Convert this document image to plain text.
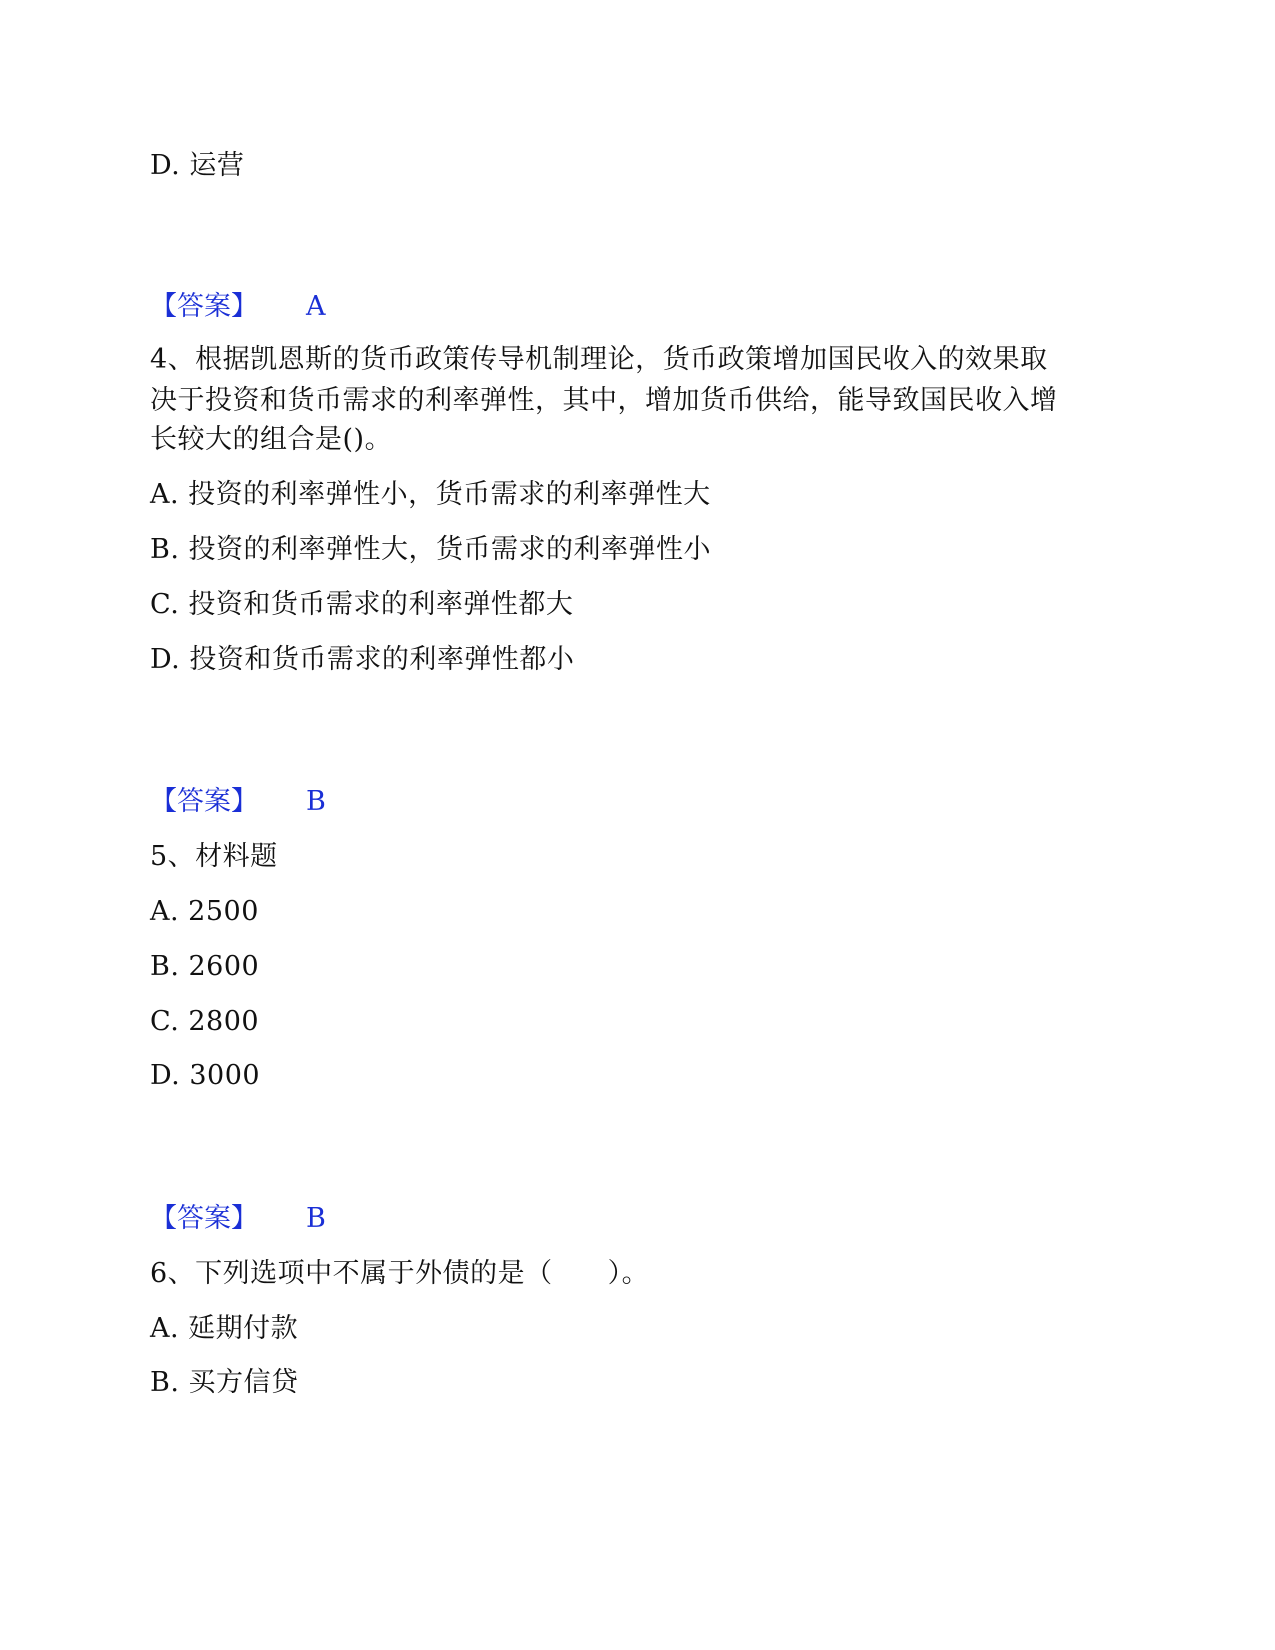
D. 运营
【答案】 A
4、根据凯恩斯的货币政策传导机制理论，货币政策增加国民收入的效果取
决于投资和货币需求的利率弹性，其中，增加货币供给，能导致国民收入增
长较大的组合是()。
A. 投资的利率弹性小，货币需求的利率弹性大
B. 投资的利率弹性大，货币需求的利率弹性小
C. 投资和货币需求的利率弹性都大
D. 投资和货币需求的利率弹性都小
【答案】 B
5、材料题
A. 2500
B. 2600
C. 2800
D. 3000
【答案】 B
6、下列选项中不属于外债的是（　　）。
A. 延期付款
B. 买方信贷
